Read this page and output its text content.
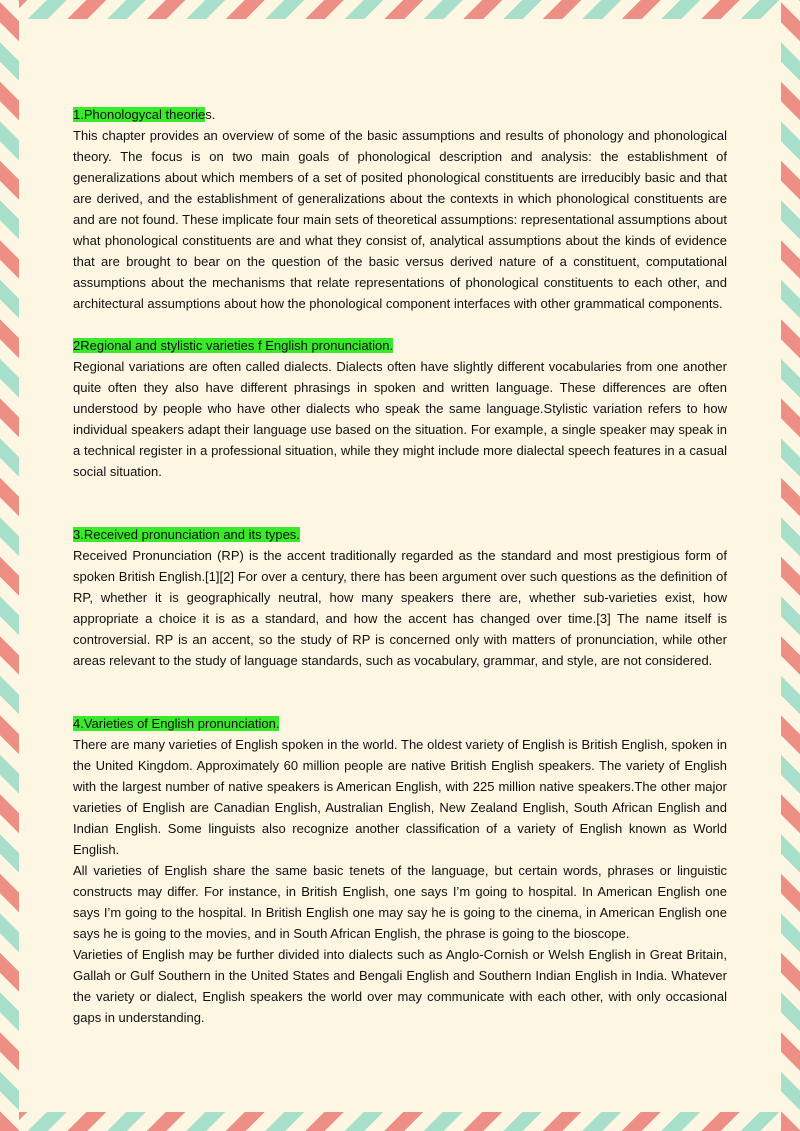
1.Phonologycal theories.

This chapter provides an overview of some of the basic assumptions and results of phonology and phonological theory. The focus is on two main goals of phonological description and analysis: the establishment of generalizations about which members of a set of posited phonological constituents are irreducibly basic and that are derived, and the establishment of generalizations about the contexts in which phonological constituents are and are not found. These implicate four main sets of theoretical assumptions: representational assumptions about what phonological constituents are and what they consist of, analytical assumptions about the kinds of evidence that are brought to bear on the question of the basic versus derived nature of a constituent, computational assumptions about the mechanisms that relate representations of phonological constituents to each other, and architectural assumptions about how the phonological component interfaces with other grammatical components.

2Regional and stylistic varieties f English pronunciation.

Regional variations are often called dialects. Dialects often have slightly different vocabularies from one another quite often they also have different phrasings in spoken and written language. These differences are often understood by people who have other dialects who speak the same language.Stylistic variation refers to how individual speakers adapt their language use based on the situation. For example, a single speaker may speak in a technical register in a professional situation, while they might include more dialectal speech features in a casual social situation.

3.Received pronunciation and its types.

Received Pronunciation (RP) is the accent traditionally regarded as the standard and most prestigious form of spoken British English.[1][2] For over a century, there has been argument over such questions as the definition of RP, whether it is geographically neutral, how many speakers there are, whether sub-varieties exist, how appropriate a choice it is as a standard, and how the accent has changed over time.[3] The name itself is controversial. RP is an accent, so the study of RP is concerned only with matters of pronunciation, while other areas relevant to the study of language standards, such as vocabulary, grammar, and style, are not considered.

4.Varieties of English pronunciation.

There are many varieties of English spoken in the world. The oldest variety of English is British English, spoken in the United Kingdom. Approximately 60 million people are native British English speakers. The variety of English with the largest number of native speakers is American English, with 225 million native speakers.The other major varieties of English are Canadian English, Australian English, New Zealand English, South African English and Indian English. Some linguists also recognize another classification of a variety of English known as World English.

All varieties of English share the same basic tenets of the language, but certain words, phrases or linguistic constructs may differ. For instance, in British English, one says I’m going to hospital. In American English one says I’m going to the hospital. In British English one may say he is going to the cinema, in American English one says he is going to the movies, and in South African English, the phrase is going to the bioscope.

Varieties of English may be further divided into dialects such as Anglo-Cornish or Welsh English in Great Britain, Gallah or Gulf Southern in the United States and Bengali English and Southern Indian English in India. Whatever the variety or dialect, English speakers the world over may communicate with each other, with only occasional gaps in understanding.
